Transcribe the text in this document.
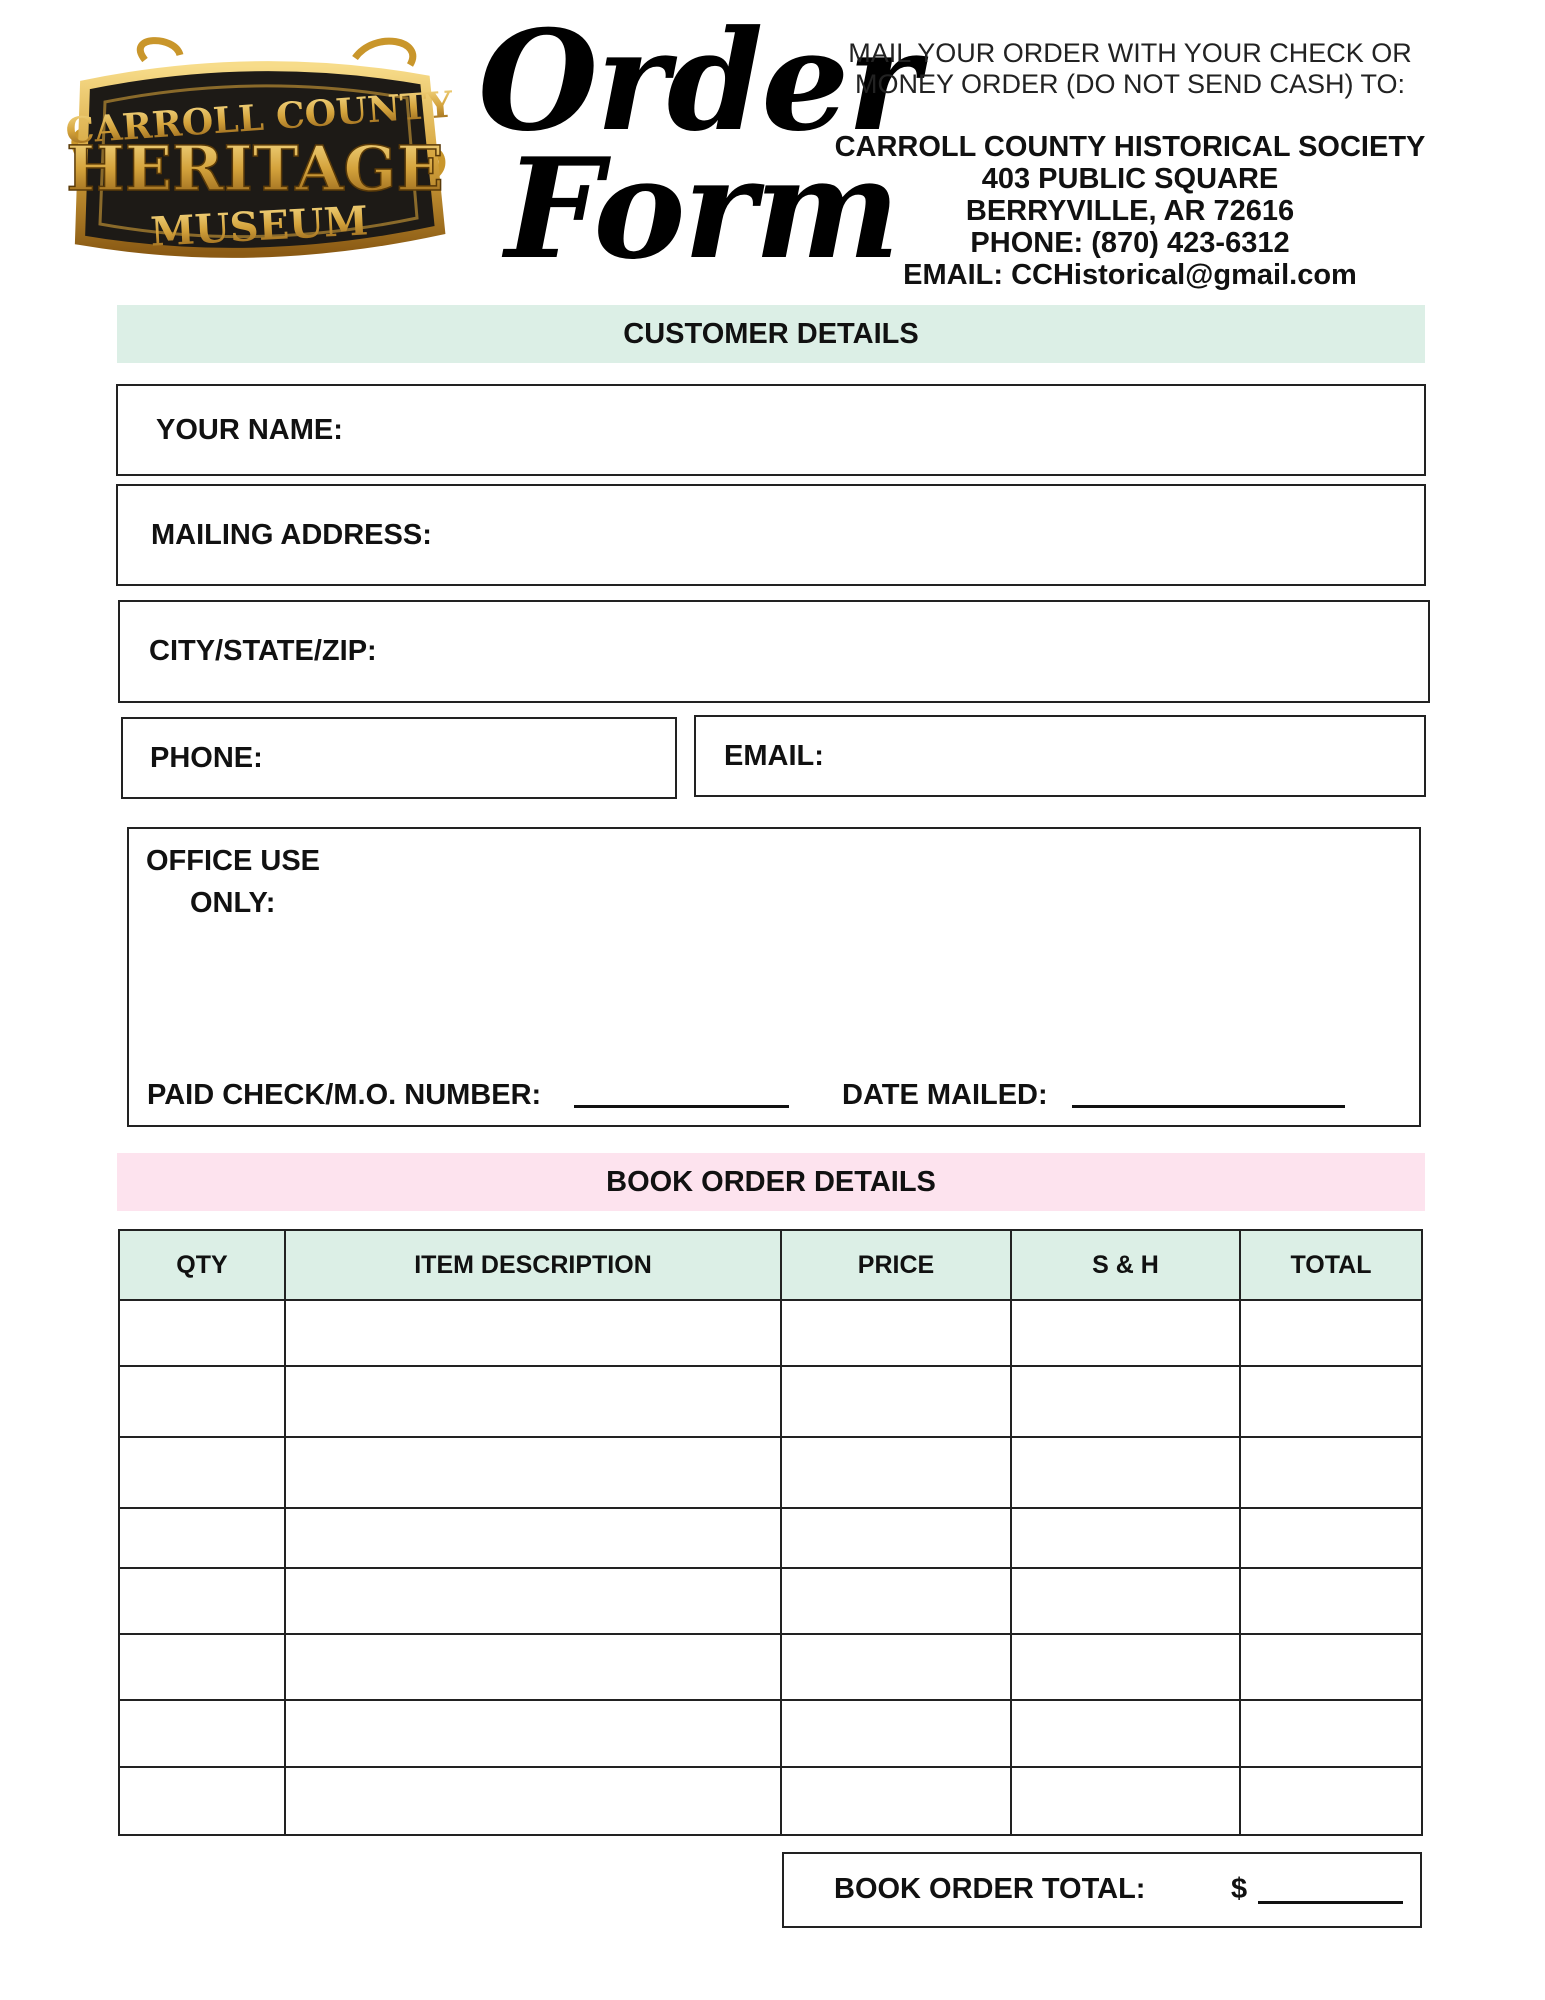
CARROLL COUNTY
HERITAGE
MUSEUM
Order
Form
MAIL YOUR ORDER WITH YOUR CHECK OR
MONEY ORDER (DO NOT SEND CASH) TO:
CARROLL COUNTY HISTORICAL SOCIETY
403 PUBLIC SQUARE
BERRYVILLE, AR 72616
PHONE: (870) 423-6312
EMAIL: CCHistorical@gmail.com
CUSTOMER DETAILS
YOUR NAME:
MAILING ADDRESS:
CITY/STATE/ZIP:
PHONE:	EMAIL:
OFFICE USE
ONLY:
PAID CHECK/M.O. NUMBER:	DATE MAILED:
BOOK ORDER DETAILS
QTY	ITEM DESCRIPTION	PRICE	S & H	TOTAL

BOOK ORDER TOTAL:	$
